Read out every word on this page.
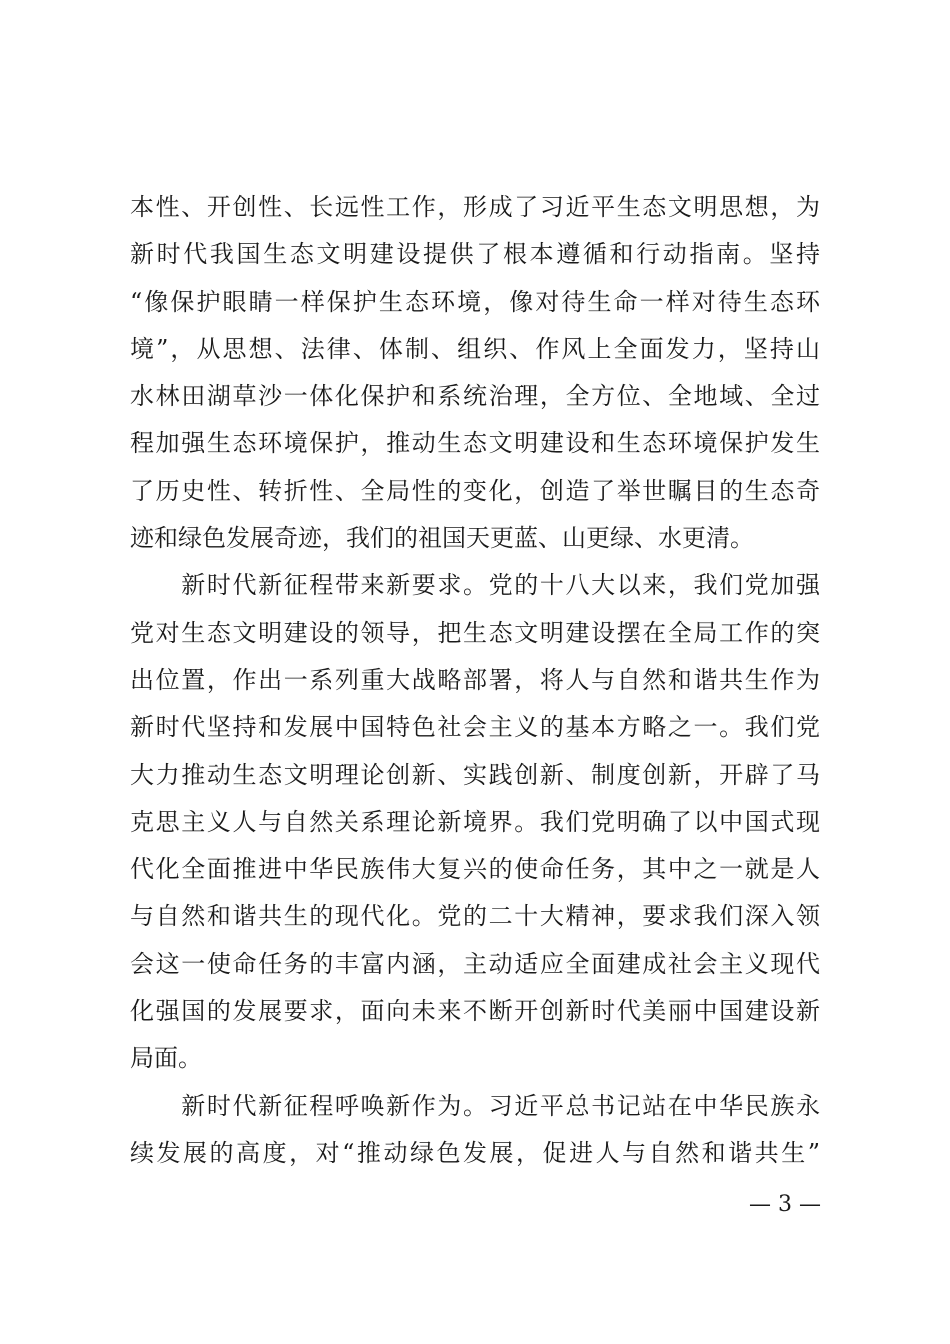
本性、开创性、长远性工作，形成了习近平生态文明思想，为
新时代我国生态文明建设提供了根本遵循和行动指南。坚持
“像保护眼睛一样保护生态环境，像对待生命一样对待生态环
境”，从思想、法律、体制、组织、作风上全面发力，坚持山
水林田湖草沙一体化保护和系统治理，全方位、全地域、全过
程加强生态环境保护，推动生态文明建设和生态环境保护发生
了历史性、转折性、全局性的变化，创造了举世瞩目的生态奇
迹和绿色发展奇迹，我们的祖国天更蓝、山更绿、水更清。
　　新时代新征程带来新要求。党的十八大以来，我们党加强
党对生态文明建设的领导，把生态文明建设摆在全局工作的突
出位置，作出一系列重大战略部署，将人与自然和谐共生作为
新时代坚持和发展中国特色社会主义的基本方略之一。我们党
大力推动生态文明理论创新、实践创新、制度创新，开辟了马
克思主义人与自然关系理论新境界。我们党明确了以中国式现
代化全面推进中华民族伟大复兴的使命任务，其中之一就是人
与自然和谐共生的现代化。党的二十大精神，要求我们深入领
会这一使命任务的丰富内涵，主动适应全面建成社会主义现代
化强国的发展要求，面向未来不断开创新时代美丽中国建设新
局面。
　　新时代新征程呼唤新作为。习近平总书记站在中华民族永
续发展的高度，对“推动绿色发展，促进人与自然和谐共生”
— 3 —
